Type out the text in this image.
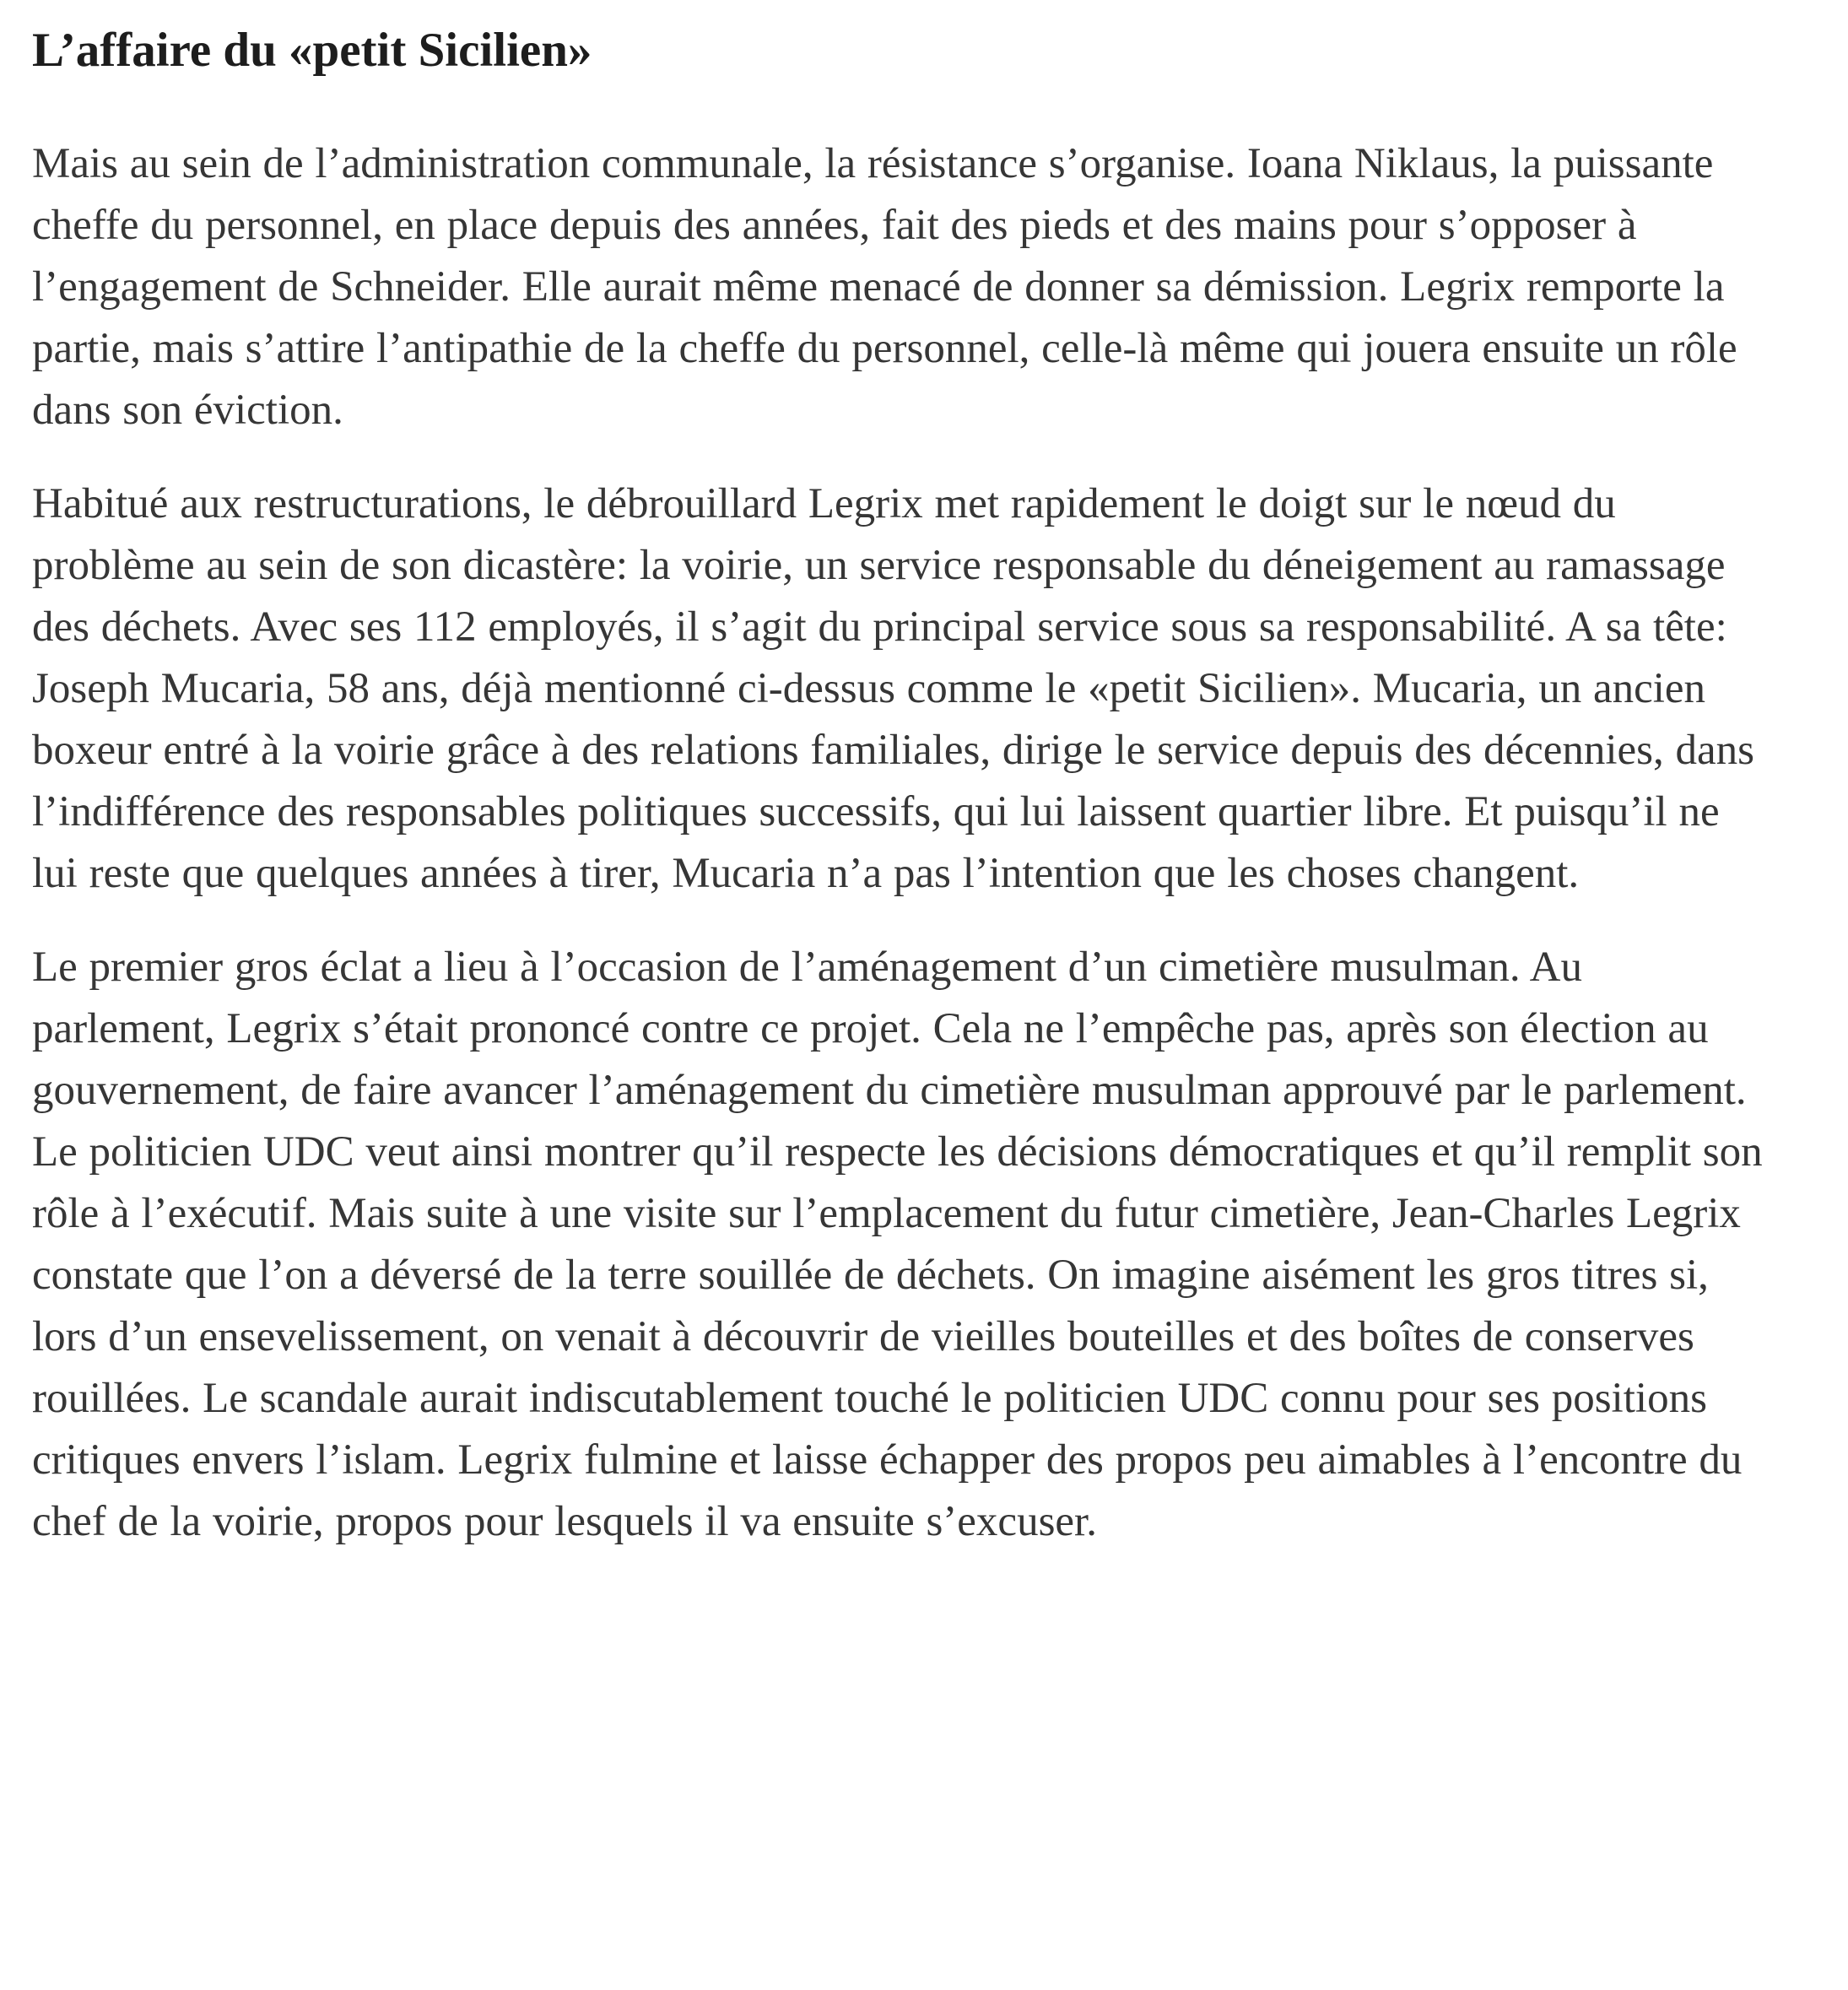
L’affaire du «petit Sicilien»

Mais au sein de l’administration communale, la résistance s’organise. Ioana Niklaus, la puissante cheffe du personnel, en place depuis des années, fait des pieds et des mains pour s’opposer à l’engagement de Schneider. Elle aurait même menacé de donner sa démission. Legrix remporte la partie, mais s’attire l’antipathie de la cheffe du personnel, celle-là même qui jouera ensuite un rôle dans son éviction.

Habitué aux restructurations, le débrouillard Legrix met rapidement le doigt sur le nœud du problème au sein de son dicastère: la voirie, un service responsable du déneigement au ramassage des déchets. Avec ses 112 employés, il s’agit du principal service sous sa responsabilité. A sa tête: Joseph Mucaria, 58 ans, déjà mentionné ci-dessus comme le «petit Sicilien». Mucaria, un ancien boxeur entré à la voirie grâce à des relations familiales, dirige le service depuis des décennies, dans l’indifférence des responsables politiques successifs, qui lui laissent quartier libre. Et puisqu’il ne lui reste que quelques années à tirer, Mucaria n’a pas l’intention que les choses changent.

Le premier gros éclat a lieu à l’occasion de l’aménagement d’un cimetière musulman. Au parlement, Legrix s’était prononcé contre ce projet. Cela ne l’empêche pas, après son élection au gouvernement, de faire avancer l’aménagement du cimetière musulman approuvé par le parlement. Le politicien UDC veut ainsi montrer qu’il respecte les décisions démocratiques et qu’il remplit son rôle à l’exécutif. Mais suite à une visite sur l’emplacement du futur cimetière, Jean-Charles Legrix constate que l’on a déversé de la terre souillée de déchets. On imagine aisément les gros titres si, lors d’un ensevelissement, on venait à découvrir de vieilles bouteilles et des boîtes de conserves rouillées. Le scandale aurait indiscutablement touché le politicien UDC connu pour ses positions critiques envers l’islam. Legrix fulmine et laisse échapper des propos peu aimables à l’encontre du chef de la voirie, propos pour lesquels il va ensuite s’excuser.
